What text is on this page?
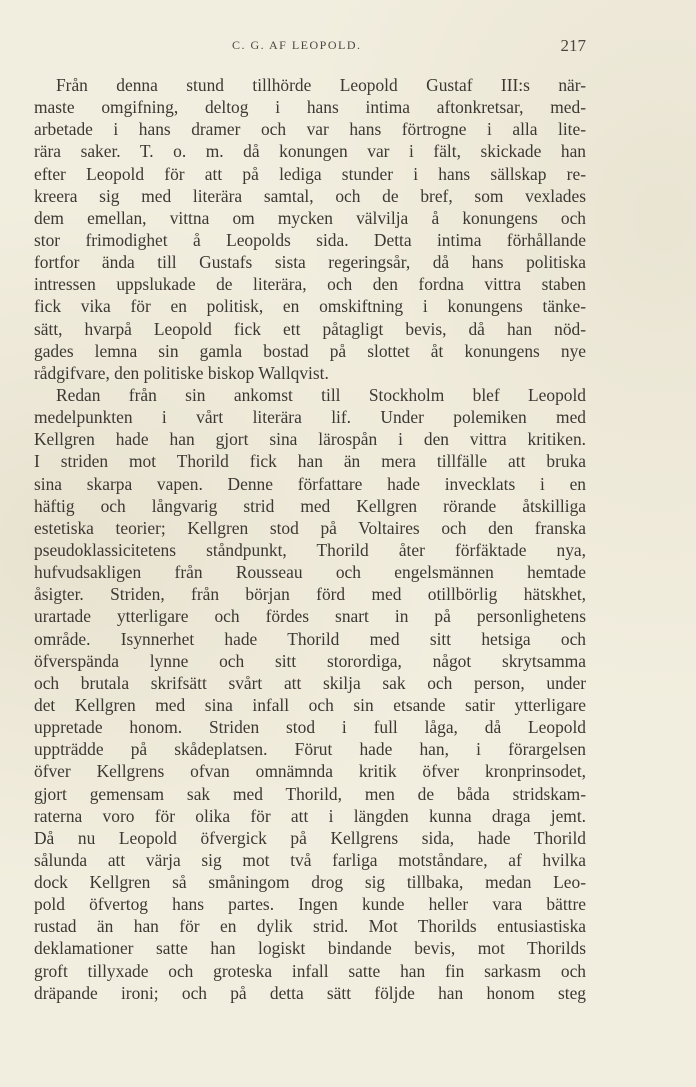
C. G. AF LEOPOLD.	217
Från denna stund tillhörde Leopold Gustaf III:s när-
maste omgifning, deltog i hans intima aftonkretsar, med-
arbetade i hans dramer och var hans förtrogne i alla lite-
rära saker. T. o. m. då konungen var i fält, skickade han
efter Leopold för att på lediga stunder i hans sällskap re-
kreera sig med literära samtal, och de bref, som vexlades
dem emellan, vittna om mycken välvilja å konungens och
stor frimodighet å Leopolds sida. Detta intima förhållande
fortfor ända till Gustafs sista regeringsår, då hans politiska
intressen uppslukade de literära, och den fordna vittra staben
fick vika för en politisk, en omskiftning i konungens tänke-
sätt, hvarpå Leopold fick ett påtagligt bevis, då han nöd-
gades lemna sin gamla bostad på slottet åt konungens nye
rådgifvare, den politiske biskop Wallqvist.
Redan från sin ankomst till Stockholm blef Leopold
medelpunkten i vårt literära lif. Under polemiken med
Kellgren hade han gjort sina lärospån i den vittra kritiken.
I striden mot Thorild fick han än mera tillfälle att bruka
sina skarpa vapen. Denne författare hade invecklats i en
häftig och långvarig strid med Kellgren rörande åtskilliga
estetiska teorier; Kellgren stod på Voltaires och den franska
pseudoklassicitetens ståndpunkt, Thorild åter förfäktade nya,
hufvudsakligen från Rousseau och engelsmännen hemtade
åsigter. Striden, från början förd med otillbörlig hätskhet,
urartade ytterligare och fördes snart in på personlighetens
område. Isynnerhet hade Thorild med sitt hetsiga och
öfverspända lynne och sitt storordiga, något skrytsamma
och brutala skrifsätt svårt att skilja sak och person, under
det Kellgren med sina infall och sin etsande satir ytterligare
uppretade honom. Striden stod i full låga, då Leopold
uppträdde på skådeplatsen. Förut hade han, i förargelsen
öfver Kellgrens ofvan omnämnda kritik öfver kronprinsodet,
gjort gemensam sak med Thorild, men de båda stridskam-
raterna voro för olika för att i längden kunna draga jemt.
Då nu Leopold öfvergick på Kellgrens sida, hade Thorild
sålunda att värja sig mot två farliga motståndare, af hvilka
dock Kellgren så småningom drog sig tillbaka, medan Leo-
pold öfvertog hans partes. Ingen kunde heller vara bättre
rustad än han för en dylik strid. Mot Thorilds entusiastiska
deklamationer satte han logiskt bindande bevis, mot Thorilds
groft tillyxade och groteska infall satte han fin sarkasm och
dräpande ironi; och på detta sätt följde han honom steg
